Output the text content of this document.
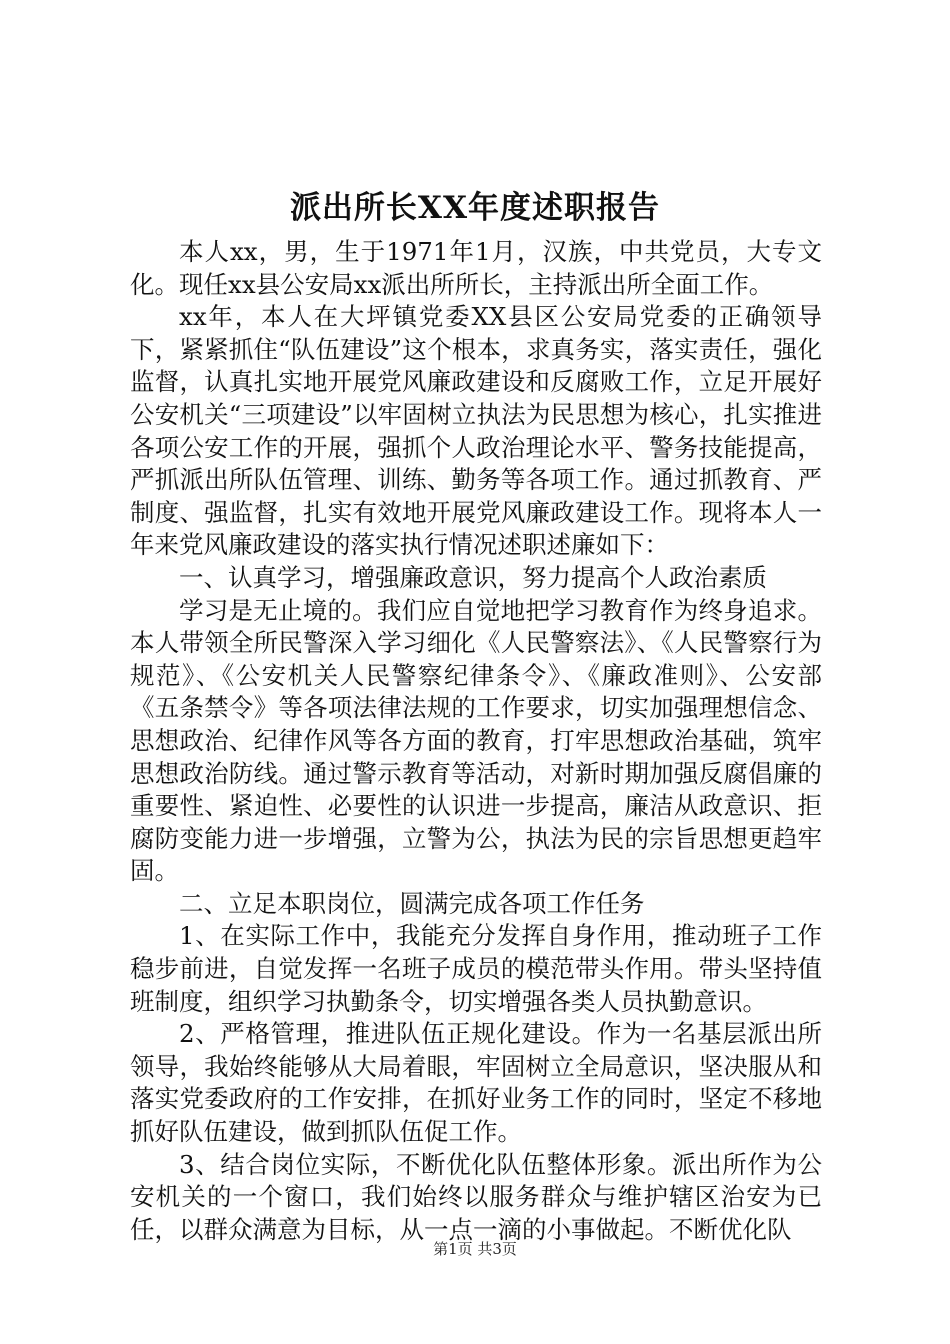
派出所长XX年度述职报告

本人xx，男，生于1971年1月，汉族，中共党员，大专文化。现任xx县公安局xx派出所所长，主持派出所全面工作。

xx年，本人在大坪镇党委XX县区公安局党委的正确领导下，紧紧抓住“队伍建设”这个根本，求真务实，落实责任，强化监督，认真扎实地开展党风廉政建设和反腐败工作，立足开展好公安机关“三项建设”以牢固树立执法为民思想为核心，扎实推进各项公安工作的开展，强抓个人政治理论水平、警务技能提高，严抓派出所队伍管理、训练、勤务等各项工作。通过抓教育、严制度、强监督，扎实有效地开展党风廉政建设工作。现将本人一年来党风廉政建设的落实执行情况述职述廉如下：

一、认真学习，增强廉政意识，努力提高个人政治素质

学习是无止境的。我们应自觉地把学习教育作为终身追求。本人带领全所民警深入学习细化《人民警察法》、《人民警察行为规范》、《公安机关人民警察纪律条令》、《廉政准则》、公安部《五条禁令》等各项法律法规的工作要求，切实加强理想信念、思想政治、纪律作风等各方面的教育，打牢思想政治基础，筑牢思想政治防线。通过警示教育等活动，对新时期加强反腐倡廉的重要性、紧迫性、必要性的认识进一步提高，廉洁从政意识、拒腐防变能力进一步增强，立警为公，执法为民的宗旨思想更趋牢固。

二、立足本职岗位，圆满完成各项工作任务

1、在实际工作中，我能充分发挥自身作用，推动班子工作稳步前进，自觉发挥一名班子成员的模范带头作用。带头坚持值班制度，组织学习执勤条令，切实增强各类人员执勤意识。

2、严格管理，推进队伍正规化建设。作为一名基层派出所领导，我始终能够从大局着眼，牢固树立全局意识，坚决服从和落实党委政府的工作安排，在抓好业务工作的同时，坚定不移地抓好队伍建设，做到抓队伍促工作。

3、结合岗位实际，不断优化队伍整体形象。派出所作为公安机关的一个窗口，我们始终以服务群众与维护辖区治安为已任，以群众满意为目标，从一点一滴的小事做起。不断优化队

第1页 共3页
